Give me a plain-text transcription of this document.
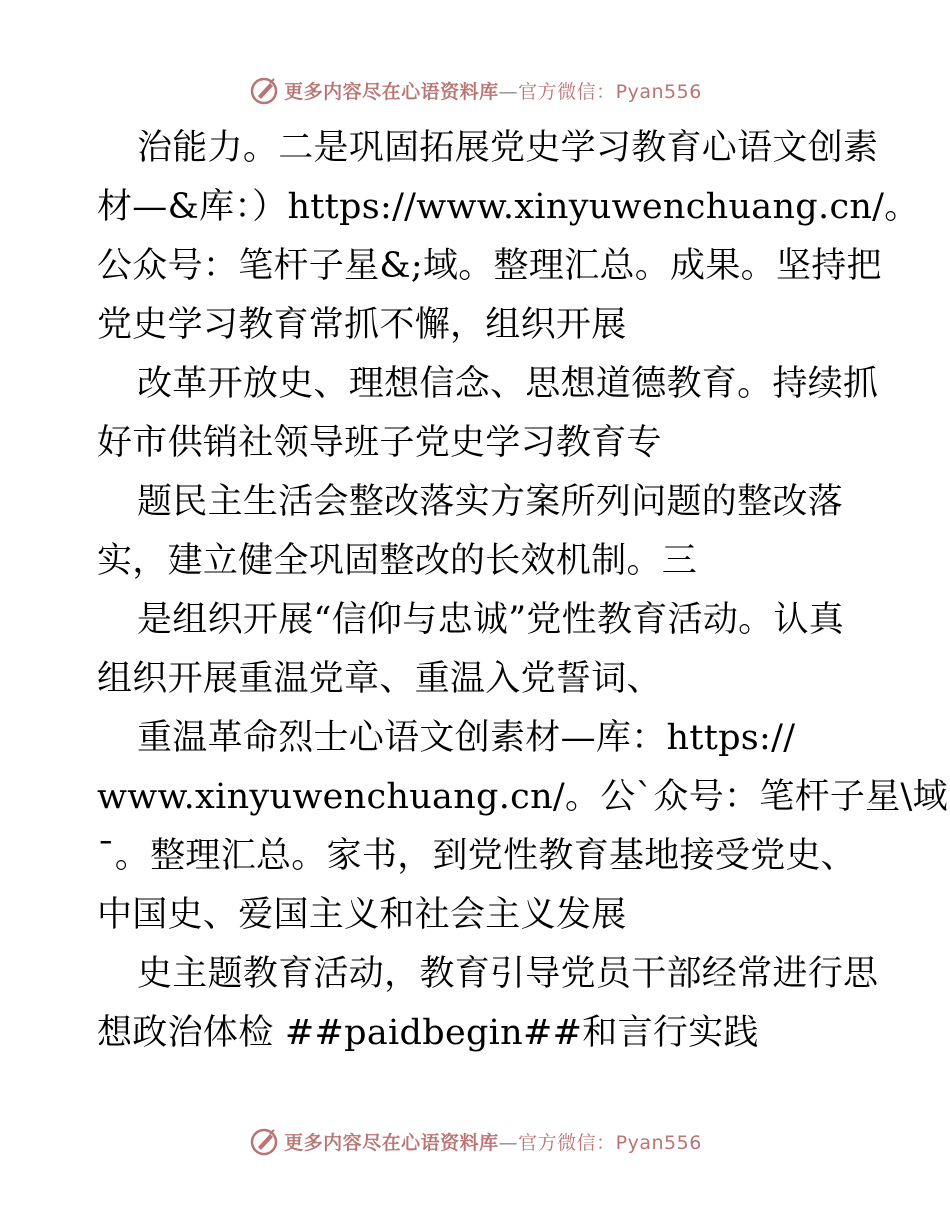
更多内容尽在心语资料库—官方微信：Pyan556
治能力。二是巩固拓展党史学习教育心语文创素
材—&库：）https://www.xinyuwenchuang.cn/。
公众号：笔杆子星&;域。整理汇总。成果。坚持把
党史学习教育常抓不懈，组织开展
改革开放史、理想信念、思想道德教育。持续抓
好市供销社领导班子党史学习教育专
题民主生活会整改落实方案所列问题的整改落
实，建立健全巩固整改的长效机制。三
是组织开展“信仰与忠诚”党性教育活动。认真
组织开展重温党章、重温入党誓词、
重温革命烈士心语文创素材—库：https://
www.xinyuwenchuang.cn/。公`众号：笔杆子星\域
¯。整理汇总。家书，到党性教育基地接受党史、
中国史、爱国主义和社会主义发展
史主题教育活动，教育引导党员干部经常进行思
想政治体检 ##paidbegin##和言行实践
更多内容尽在心语资料库—官方微信：Pyan556
